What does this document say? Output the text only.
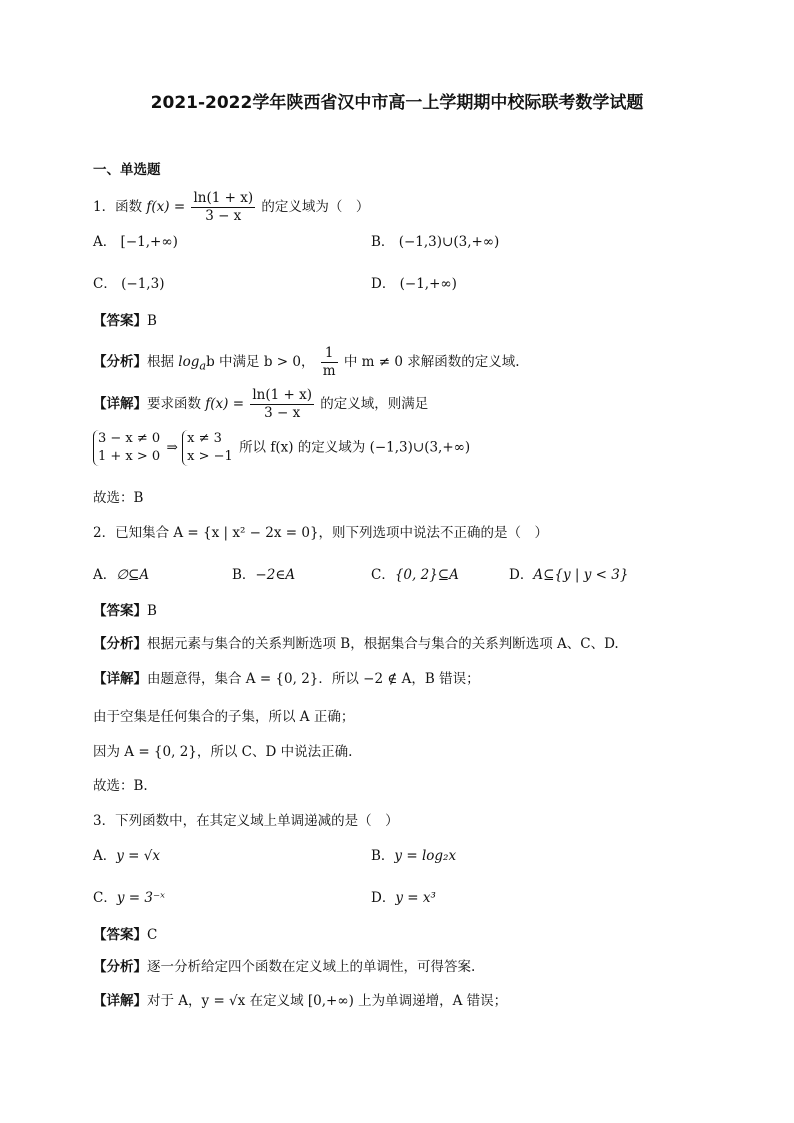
2021-2022学年陕西省汉中市高一上学期期中校际联考数学试题
一、单选题
1．函数 $f(x) = \frac{\ln(1 + x)}{3 - x}$ 的定义域为（　）
A． [−1,+∞)	B． (−1,3)∪(3,+∞)
C． (−1,3)	D． (−1,+∞)
【答案】B
【分析】根据 $\log_ab$ 中满足 b > 0， $\frac{1}{m}$ 中 m ≠ 0 求解函数的定义域.
【详解】要求函数 $f(x) = \frac{\ln(1 + x)}{3 - x}$ 的定义域，则满足
3 − x ≠ 0
1 + x > 0
⇒
x ≠ 3
x > −1
所以 f(x) 的定义域为 (−1,3)∪(3,+∞)
故选：B
2．已知集合 A = {x | x² − 2x = 0}，则下列选项中说法不正确的是（　）
A．∅⊆A	B．−2∈A	C．{0, 2}⊆A	D．A⊆{y | y < 3}
【答案】B
【分析】根据元素与集合的关系判断选项 B，根据集合与集合的关系判断选项 A、C、D.
【详解】由题意得，集合 A = {0, 2}．所以 −2 ∉ A，B 错误；
由于空集是任何集合的子集，所以 A 正确；
因为 A = {0, 2}，所以 C、D 中说法正确.
故选：B.
3．下列函数中，在其定义域上单调递减的是（　）
A．y = √x	B．y = log₂x
C．y = 3⁻ˣ	D．y = x³
【答案】C
【分析】逐一分析给定四个函数在定义域上的单调性，可得答案.
【详解】对于 A，y = √x 在定义域 [0,+∞) 上为单调递增，A 错误；
